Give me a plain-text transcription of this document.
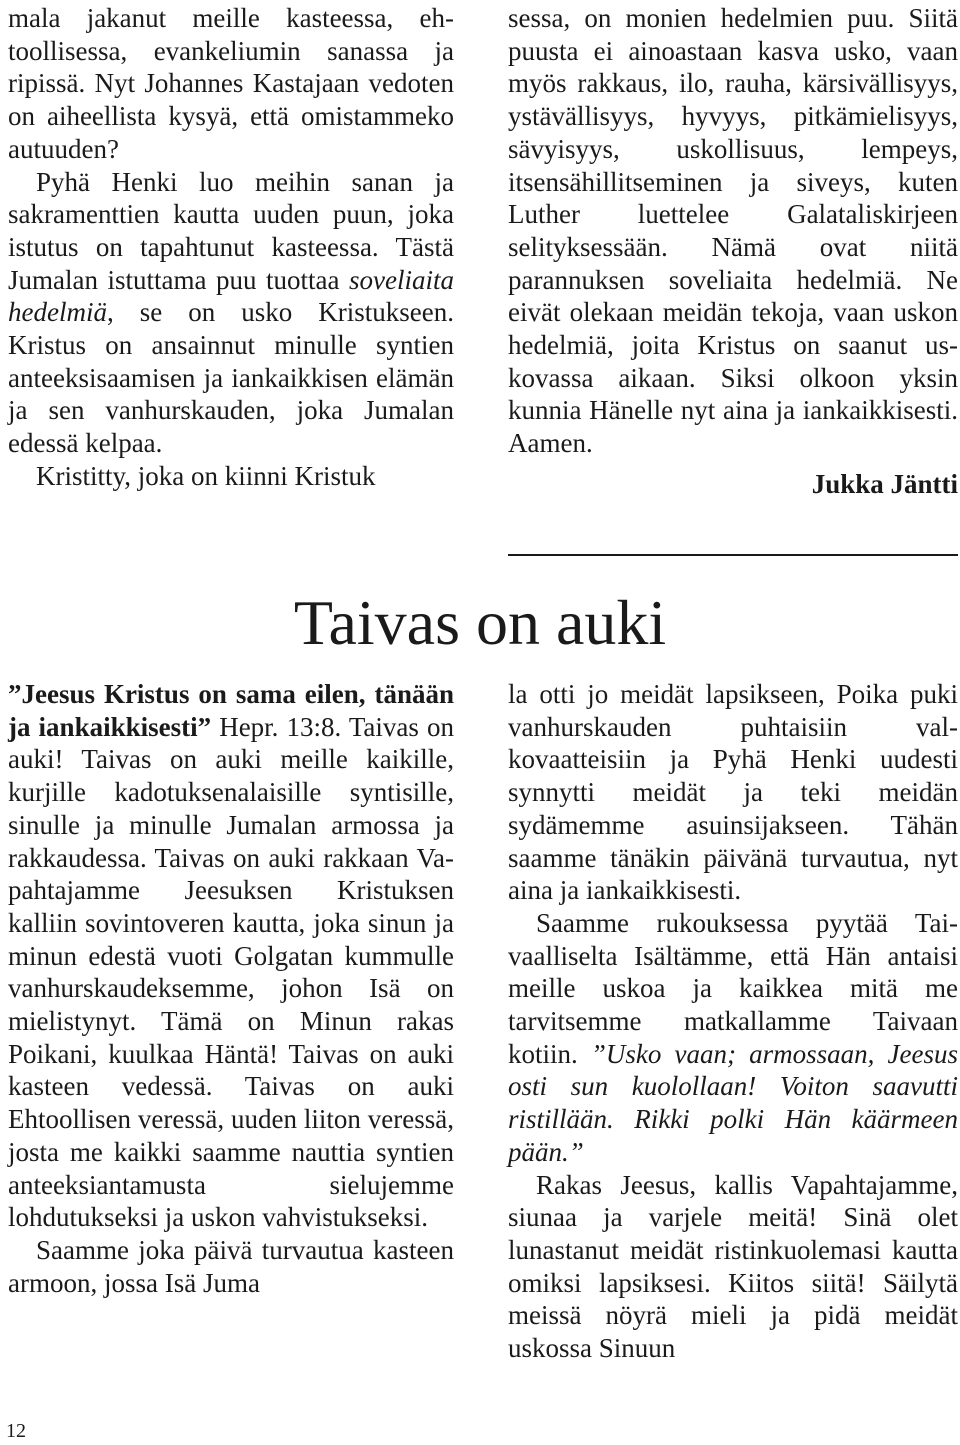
mala jakanut meille kasteessa, ehtoollisessa, evankeliumin sanassa ja ripissä. Nyt Johannes Kastajaan vedoten on aiheellista kysyä, että omistammeko autuuden?

Pyhä Henki luo meihin sanan ja sakramenttien kautta uuden puun, joka istutus on tapahtunut kasteessa. Tästä Jumalan istuttama puu tuottaa soveliaita hedelmiä, se on usko Kristukseen. Kristus on ansainnut minulle syntien anteeksisaamisen ja iankaikkisen elämän ja sen vanhurskauden, joka Jumalan edessä kelpaa.

Kristitty, joka on kiinni Kristuk

sessa, on monien hedelmien puu. Siitä puusta ei ainoastaan kasva usko, vaan myös rakkaus, ilo, rauha, kärsivällisyys, ystävällisyys, hyvyys, pitkämielisyys, sävyisyys, uskollisuus, lempeys, itsensähillitseminen ja siveys, kuten Luther luettelee Galataliskirjeen selityksessään. Nämä ovat niitä parannuksen soveliaita hedelmiä. Ne eivät olekaan meidän tekoja, vaan uskon hedelmiä, joita Kristus on saanut uskovassa aikaan. Siksi olkoon yksin kunnia Hänelle nyt aina ja iankaikkisesti. Aamen.

Jukka Jäntti

Taivas on auki

”Jeesus Kristus on sama eilen, tänään ja iankaikkisesti” Hepr. 13:8. Taivas on auki! Taivas on auki meille kaikille, kurjille kadotuksenalaisille syntisille, sinulle ja minulle Jumalan armossa ja rakkaudessa. Taivas on auki rakkaan Vapahtajamme Jeesuksen Kristuksen kalliin sovintoveren kautta, joka sinun ja minun edestä vuoti Golgatan kummulle vanhurskaudeksemme, johon Isä on mielistynyt. Tämä on Minun rakas Poikani, kuulkaa Häntä! Taivas on auki kasteen vedessä. Taivas on auki Ehtoollisen veressä, uuden liiton veressä, josta me kaikki saamme nauttia syntien anteeksiantamusta sielujemme lohdutukseksi ja uskon vahvistukseksi.

Saamme joka päivä turvautua kasteen armoon, jossa Isä Juma

la otti jo meidät lapsikseen, Poika puki vanhurskauden puhtaisiin valkovaatteisiin ja Pyhä Henki uudesti synnytti meidät ja teki meidän sydämemme asuinsijakseen. Tähän saamme tänäkin päivänä turvautua, nyt aina ja iankaikkisesti.

Saamme rukouksessa pyytää Taivaalliselta Isältämme, että Hän antaisi meille uskoa ja kaikkea mitä me tarvitsemme matkallamme Taivaan kotiin. ”Usko vaan; armossaan, Jeesus osti sun kuolollaan! Voiton saavutti ristillään. Rikki polki Hän käärmeen pään.”

Rakas Jeesus, kallis Vapahtajamme, siunaa ja varjele meitä! Sinä olet lunastanut meidät ristinkuolemasi kautta omiksi lapsiksesi. Kiitos siitä! Säilytä meissä nöyrä mieli ja pidä meidät uskossa Sinuun

12
